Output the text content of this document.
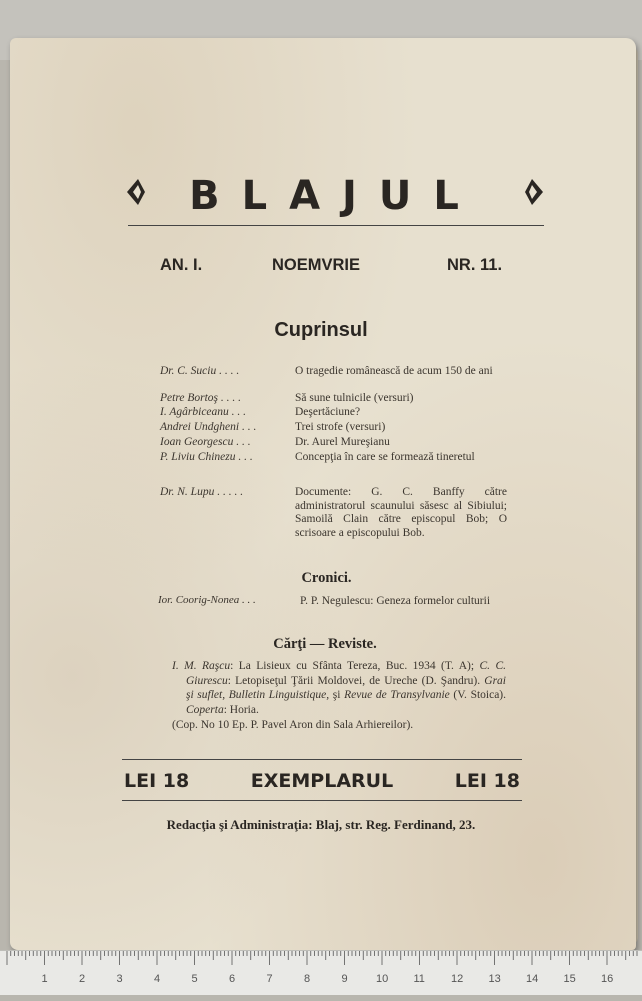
BLAJUL
AN. I.	NOEMVRIE	NR. 11.
Cuprinsul
Dr. C. Suciu . . . .	O tragedie românească de acum 150 de ani
Petre Bortoş . . . .	Să sune tulnicile (versuri)
I. Agârbiceanu . . .	Deşertăciune?
Andrei Undgheni . . .	Trei strofe (versuri)
Ioan Georgescu . . .	Dr. Aurel Mureşianu
P. Liviu Chinezu . . .	Concepţia în care se formează tineretul
Dr. N. Lupu . . . . .	Documente: G. C. Banffy către administratorul scaunului săsesc al Sibiului; Samoilă Clain către episcopul Bob; O scrisoare a episcopului Bob.
Cronici.
Ior. Coorig-Nonea . . .	P. P. Negulescu: Geneza formelor culturii
Cărţi — Reviste.
I. M. Raşcu: La Lisieux cu Sfânta Tereza, Buc. 1934 (T. A); C. C. Giurescu: Letopiseţul Ţării Moldovei, de Ureche (D. Şandru). Grai şi suflet, Bulletin Linguistique, şi Revue de Transylvanie (V. Stoica). Coperta: Horia.
(Cop. No 10 Ep. P. Pavel Aron din Sala Arhiereilor).
EXEMPLARUL
LEI 18	LEI 18
Redacţia şi Administraţia: Blaj, str. Reg. Ferdinand, 23.
1	2	3	4	5	6	7	8	9	10 11 12 13 14 15 16
